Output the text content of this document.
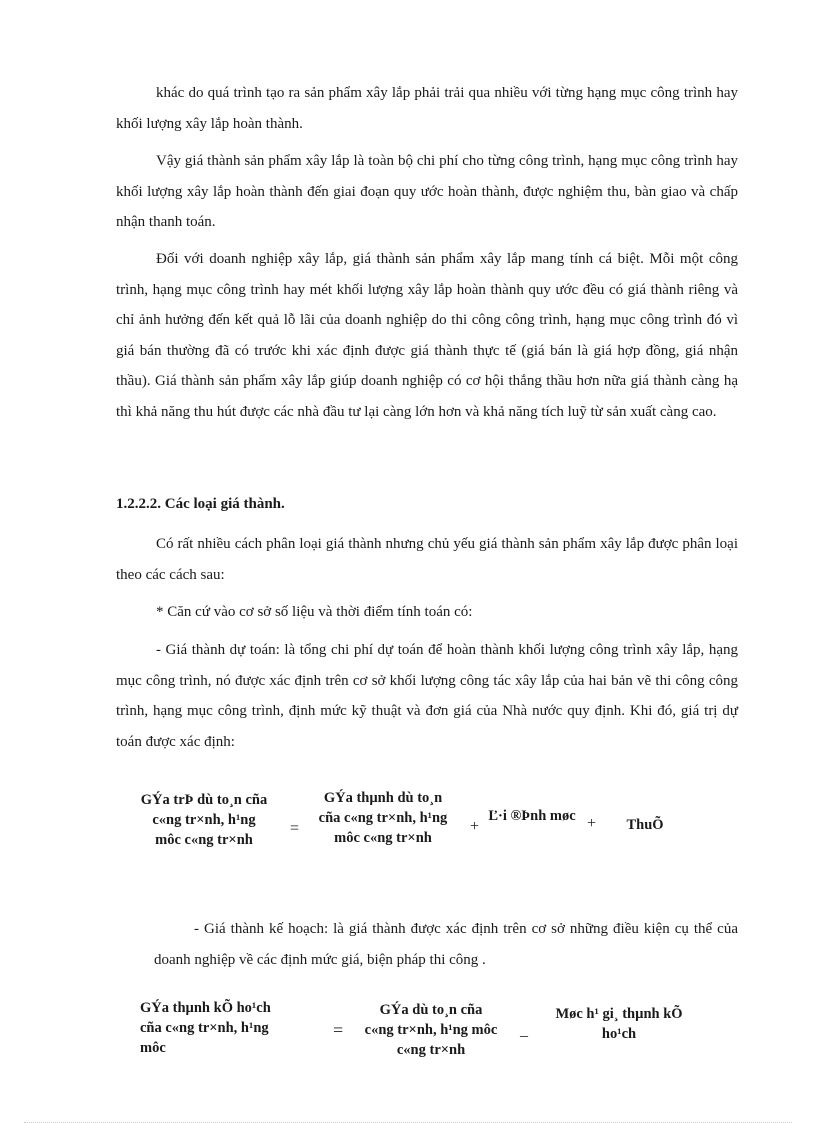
khác do quá trình tạo ra sản phẩm xây lắp phải trải qua nhiều với từng hạng mục công trình hay khối lượng xây lắp hoàn thành.

Vậy giá thành sản phẩm xây lắp là toàn bộ chi phí cho từng công trình, hạng mục công trình hay khối lượng xây lắp hoàn thành đến giai đoạn quy ước hoàn thành, được nghiệm thu, bàn giao và chấp nhận thanh toán.

Đối với doanh nghiệp xây lắp, giá thành sản phẩm xây lắp mang tính cá biệt. Mỗi một công trình, hạng mục công trình hay mét khối lượng xây lắp hoàn thành quy ước đều có giá thành riêng và chỉ ảnh hưởng đến kết quả lỗ lãi của doanh nghiệp do thi công công trình, hạng mục công trình đó vì giá bán thường đã có trước khi xác định được giá thành thực tế (giá bán là giá hợp đồng, giá nhận thầu). Giá thành sản phẩm xây lắp giúp doanh nghiệp có cơ hội thắng thầu hơn nữa giá thành càng hạ thì khả năng thu hút được các nhà đầu tư lại càng lớn hơn và khả năng tích luỹ từ sản xuất càng cao.

1.2.2.2. Các loại giá thành.

Có rất nhiều cách phân loại giá thành nhưng chủ yếu giá thành sản phẩm xây lắp được phân loại theo các cách sau:

* Căn cứ vào cơ sở số liệu và thời điểm tính toán có:

- Giá thành dự toán: là tổng chi phí dự toán để hoàn thành khối lượng công trình xây lắp, hạng mục công trình, nó được xác định trên cơ sở khối lượng công tác xây lắp của hai bản vẽ thi công công trình, hạng mục công trình, định mức kỹ thuật và đơn giá của Nhà nước quy định. Khi đó, giá trị dự toán được xác định:

GÝa trÞ dù to¸n cña c«ng tr×nh, h¹ng môc c«ng tr×nh

=

GÝa thµnh dù to¸n cña c«ng tr×nh, h¹ng môc c«ng tr×nh

+

Ľ·i ®Þnh møc +	ThuÕ

- Giá thành kế hoạch: là giá thành được xác định trên cơ sở những điều kiện cụ thể của doanh nghiệp về các định mức giá, biện pháp thi công .

GÝa thµnh kÕ ho¹ch cña c«ng tr×nh, h¹ng môc

=

GÝa dù to¸n cña c«ng tr×nh, h¹ng môc c«ng tr×nh

_

Møc h¹ gi¸ thµnh kÕ ho¹ch
